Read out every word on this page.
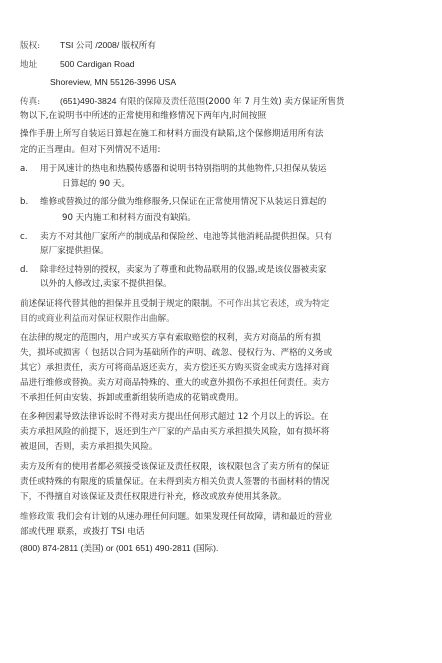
版权: TSI 公司 /2008/ 版权所有
地址	500 Cardigan Road
Shoreview, MN 55126-3996 USA
传真: (651)490-3824 有限的保障及责任范围(2000 年 7 月生效) 卖方保证所售货
物以下,在说明书中所述的正常使用和维修情况下两年内,时间按照
操作手册上所写自装运日算起在施工和材料方面没有缺陷,这个保修期适用所有法
定的正当理由。但对下列情况不适用:
a. 用于风速计的热电和热膜传感器和说明书特别指明的其他物件,只担保从装运
日算起的 90 天。
b. 维修或替换过的部分做为维修服务,只保证在正常使用情况下从装运日算起的
90 天内施工和材料方面没有缺陷。
c. 卖方不对其他厂家所产的制成品和保险丝、电池等其他消耗品提供担保。只有
原厂家提供担保。
d. 除非经过特别的授权，卖家为了尊重和此物品联用的仪器,或是该仪器被卖家
以外的人修改过,卖家不提供担保。
前述保证将代替其他的担保并且受制于规定的限制。不可作出其它表述，或为特定
目的或商业利益而对保证权限作出曲解。
在法律的规定的范围内，用户或买方享有索取赔偿的权利，卖方对商品的所有损
失，损坏或损害（ 包括以合同为基础所作的声明、疏忽、侵权行为、严格的义务或
其它）承担责任，卖方可将商品返还卖方，卖方偿还买方购买资金或卖方选择对商
品进行维修或替换。卖方对商品特殊的、重大的或意外损伤不承担任何责任。卖方
不承担任何由安装、拆卸或重新组装所造成的花销或费用。
在多种因素导致法律诉讼时不得对卖方提出任何形式超过 12 个月以上的诉讼。在
卖方承担风险的前提下，返还到生产厂家的产品由买方承担损失风险，如有损坏将
被退回，否则，卖方承担损失风险。
卖方及所有的使用者都必须接受该保证及责任权限，该权限包含了卖方所有的保证
责任或特殊的有限度的质量保证。在未得到卖方相关负责人签署的书面材料的情况
下，不得擅自对该保证及责任权限进行补充，修改或放弃使用其条款。
维修政策 我们会有计划的从速办理任何问题。如果发现任何故障，请和最近的营业
部或代理 联系，或拨打 TSI 电话
(800) 874-2811 (美国) or (001 651) 490-2811 (国际).
